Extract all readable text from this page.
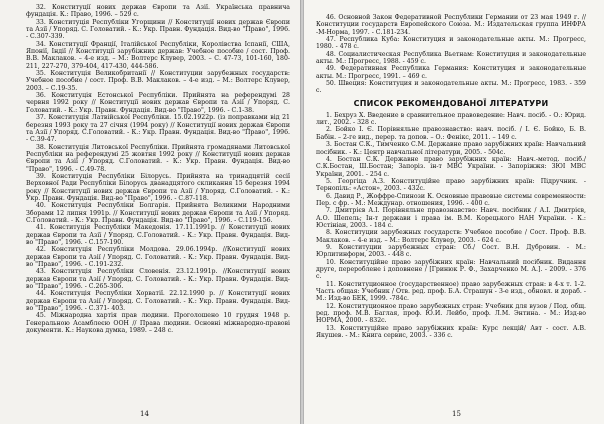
32. Конституції нових держав Європи та Азії. Українська правнича фундація. К.: Право, 1996. – 529 с.

33. Конституція Республіки Угорщини // Конституції нових держав Європи та Азії / Упоряд. С. Головатий. - К.: Укр. Правн. Фундація. Вид-во "Право", 1996. - С.307-339.

34. Конституції Франції, Італійської Республіки, Королівства Іспанії, США, Японії, Індії // Конституції зарубіжних держав: Учебное пособие / сост. Проф. В.В. Маклаков. – 4-е изд. – М.: Волтерс Клувер, 2003. – С. 47-73, 101-160, 180-211, 227-270, 379-404, 417-430, 444-586.

35. Конституція Великобританії // Конституции зарубежных государств: Учебное пособие / сост. Проф. В.В. Маклаков. – 4-е изд. – М.: Волтерс Клувер, 2003. – С.19-35.

36. Конституція Естонської Республіки. Прийнята на референдумі 28 червня 1992 року // Конституції нових держав Європи та Азії / Упоряд. С. Головатий. - К.: Укр. Правн. Фундація. Вид-во "Право", 1996. - С.1-38.

37. Конституція Латвійської Республіки. 15.02.1922р. (із поправками від 21 березня 1993 року та 27 січня (1994 року) // Конституції нових держав Європи та Азії / Упоряд. С.Головатий. - К.: Укр. Правн. Фундація. Вид-во "Право", 1996. - С.39-47.

38. Конституція Литовської Республіки. Прийнята громадянами Литовської Республіки на референдумі 25 жовтня 1992 року // Конституції нових держав Європи та Азії / Упоряд. С.Головатий. - К.: Укр. Правн. Фундація. Вид-во "Право", 1996. - С.49-78.

39. Конституція Республіки Білорусь. Прийнята на тринадцятій сесії Верховної Ради Республіки Білорусь дванадцятого скликання 15 березня 1994 року // Конституції нових держав Європи та Азії / Упоряд. С.Головатий. - К.: Укр. Правн. Фундація. Вид-во "Право", 1996. - С.87-118.

40. Конституція Республіки Болгарія. Прийнята Великими Народними Зборами 12 липня 1991р. // Конституції нових держав Європи та Азії / Упоряд. С.Головатий. - К.: Укр. Правн. Фундація. Вид-во "Право", 1996. - С.119-156.

41. Конституція Республіки Македонія. 17.11.1991р. // Конституції нових держав Європи та Азії / Упоряд. С.Головатий. - К.: Укр. Правн. Фундація. Вид-во "Право", 1996. - С.157-190.

42. Конституція Республіки Молдова. 29.06.1994р. //Конституції нових держав Європи та Азії / Упоряд. С. Головатий. - К.: Укр. Правн. Фундація. Вид-во "Право", 1996. - С.191-232.

43. Конституція Республіки Словенія. 23.12.1991р. //Конституції нових держав Європи та Азії / Упоряд. С. Головатий. - К.: Укр. Правн. Фундація. Вид-во "Право", 1996. - С.265-306.

44. Конституція Республіки Хорватії. 22.12.1990 р. // Конституції нових держав Європи та Азії / Упоряд. С. Головатий. - К.: Укр. Правн. Фундація. Вид-во "Право", 1996. - С.371- 403.

45. Міжнародна хартія прав людини. Проголошено 10 грудня 1948 р. Генеральною Асамблеєю ООН // Права людини. Основні міжнародно-правові документи. К.: Наукова думка, 1989. – 248 с.

14

46. Основной Закон Федеративной Республики Германии от 23 мая 1949 г. // Конституции государств Европейского Союза. М.: Издательская группа ИНФРА -М-Норма, 1997. - С.181-234.

47. Республика Куба: Конституция и законодательные акты. М.: Прогресс, 1980. - 478 с.

48. Социалистическая Республика Вьетнам: Конституция и законодательные акты. М.: Прогресс, 1988. - 459 с.

49. Федеративная Республика Германия: Конституция и законодательные акты. М.: Прогресс, 1991. – 469 с.

50. Швеция: Конституция и законодательные акты. М.: Прогресс, 1983. - 359 с.

СПИСОК РЕКОМЕНДОВАНОЇ ЛІТЕРАТУРИ

1. Бехруз Х. Введение в сравнительное правоведение: Навч. посіб. - О.: Юрид. лит., 2002. - 328 с.

2. Бойко І. Є. Порівняльне правознавство: навч. посіб. / І. Є. Бойко, Б. В. Бабін. – 2-ге вид., перер. та допов. – О.: Фенікс, 2011. – 149 с.

3. Бостан С.К., Тимченко С.М. Державне право зарубіжних країн: Навчальний посібник. - К.: Центр навчальної літератури, 2005. - 504с.

4. Бостан С.К. Державне право зарубіжних країн: Навч.-метод. посіб./ С.К.Бостан, Ш.Бостан; Запоріз. ін-т МВС України. - Запоріжжя: ЗЮІ МВС України, 2001. - 254 с.

5. Георгіца А.З. Конституційне право зарубіжних країн: Підручник. - Тернопіль: «Астон», 2003. - 432с.

6. Давид Р., Жоффре-Спинози К. Основные правовые системы современности: Пер. с фр. - М.: Междунар. отношения, 1996. - 400 с.

7. Дмитрієв А.І. Порівняльне правознавство: Навч. посібник / А.І. Дмитрієв, А.О. Шепель; Ін-т держави і права ім. В.М. Корецького НАН України. - К.: Юстініан, 2003. - 184 с.

8. Конституции зарубежных государств: Учебное пособие / Сост. Проф. В.В. Маклаков. – 4-е изд. – М.: Волтерс Клувер, 2003. - 624 с.

9. Конституции зарубежных стран: Сб./ Сост. В.Н. Дубровин. - М.: Юрлитинформ, 2003. - 448 с.

10. Конституційне право зарубіжних країн: Навчальний посібник. Видання друге, перероблене і доповнене / [Гринюк Р. Ф., Захарченко М. А.]. - 2009. - 376 с.

11. Конституционное (государственное) право зарубежных стран: в 4-х т. 1-2. Часть общая: Учебник / Отв. ред. проф. Б.А. Страшун - 3-е изд., обновл. и дораб. - М.: Изд-во БЕК, 1999. -784с.

12. Конституционное право зарубежных стран: Учебник для вузов / Под. общ. ред. проф. М.В. Баглая, проф. Ю.И. Лейбо, проф. Л.М. Энтина. - М.: Изд-во НОРМА, 2000. - 832с.

13. Конституційне право зарубіжних країн: Курс лекцій/ Авт - сост. А.В. Якушев. - М.: Книга сервис, 2003. - 336 с.

15
